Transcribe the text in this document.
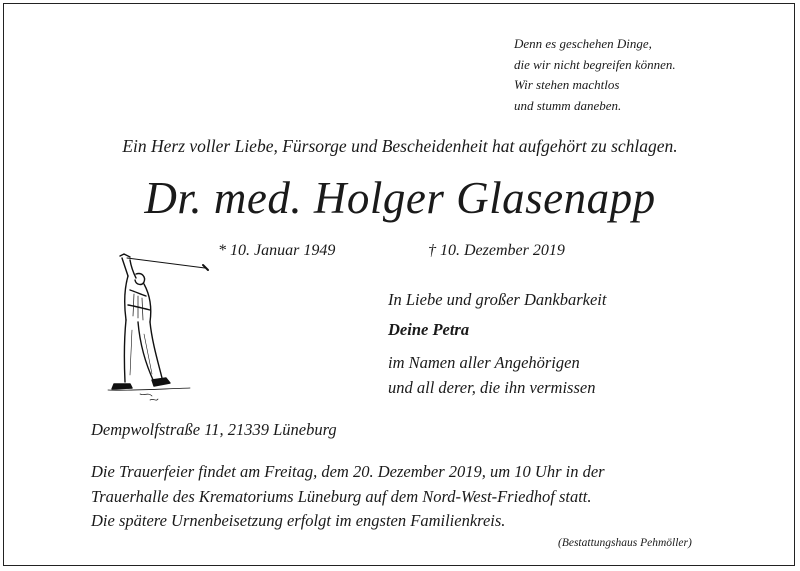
Denn es geschehen Dinge,
die wir nicht begreifen können.
Wir stehen machtlos
und stumm daneben.
Ein Herz voller Liebe, Fürsorge und Bescheidenheit hat aufgehört zu schlagen.
Dr. med. Holger Glasenapp
* 10. Januar 1949	† 10. Dezember 2019
In Liebe und großer Dankbarkeit
Deine Petra
im Namen aller Angehörigen
und all derer, die ihn vermissen
Dempwolfstraße 11, 21339 Lüneburg
Die Trauerfeier findet am Freitag, dem 20. Dezember 2019, um 10 Uhr in der
Trauerhalle des Krematoriums Lüneburg auf dem Nord-West-Friedhof statt.
Die spätere Urnenbeisetzung erfolgt im engsten Familienkreis.
(Bestattungshaus Pehmöller)
